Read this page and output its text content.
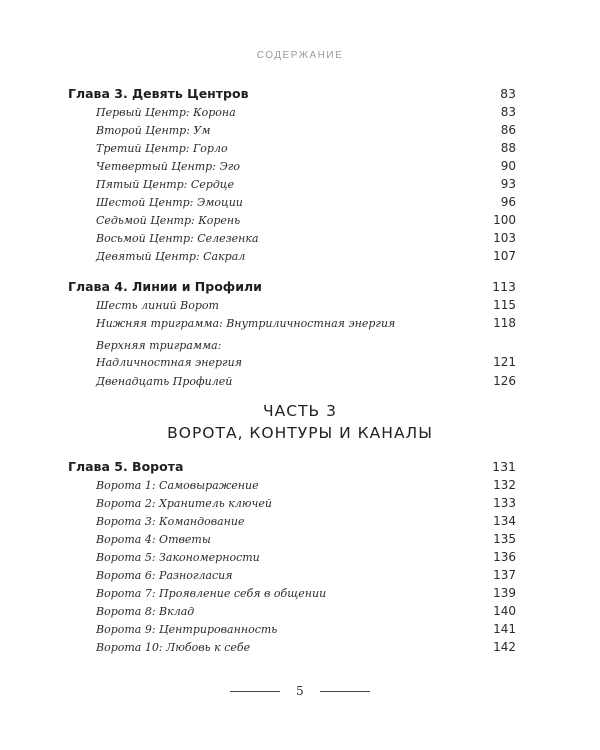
СОДЕРЖАНИЕ
Глава 3. Девять Центров	83
Первый Центр: Корона	83
Второй Центр: Ум	86
Третий Центр: Горло	88
Четвертый Центр: Эго	90
Пятый Центр: Сердце	93
Шестой Центр: Эмоции	96
Седьмой Центр: Корень	100
Восьмой Центр: Селезенка	103
Девятый Центр: Сакрал	107
Глава 4. Линии и Профили	113
Шесть линий Ворот	115
Нижняя триграмма: Внутриличностная энергия	118
Верхняя триграмма:
Надличностная энергия	121
Двенадцать Профилей	126
ЧАСТЬ 3
ВОРОТА, КОНТУРЫ И КАНАЛЫ
Глава 5. Ворота	131
Ворота 1: Самовыражение	132
Ворота 2: Хранитель ключей	133
Ворота 3: Командование	134
Ворота 4: Ответы	135
Ворота 5: Закономерности	136
Ворота 6: Разногласия	137
Ворота 7: Проявление себя в общении	139
Ворота 8: Вклад	140
Ворота 9: Центрированность	141
Ворота 10: Любовь к себе	142
5
